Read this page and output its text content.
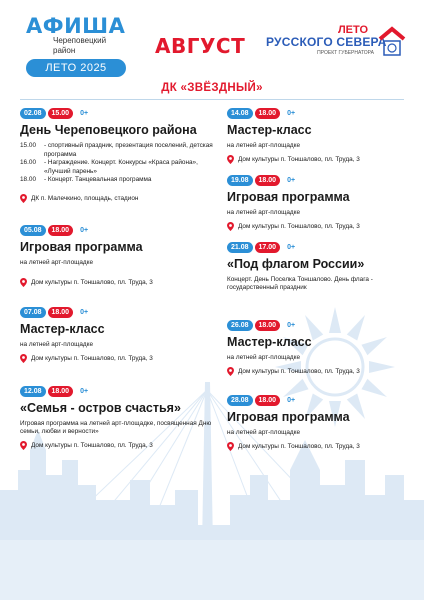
АФИША
Череповецкий район
ЛЕТО 2025
АВГУСТ
ЛЕТО
РУССКОГО СЕВЕРА
ПРОЕКТ ГУБЕРНАТОРА
ДК «ЗВЁЗДНЫЙ»
02.08	15.00	0+
День Череповецкого района
15.00	- спортивный праздник, презентация поселений, детская программа
16.00	- Награждение. Концерт. Конкурсы «Краса района», «Лучший парень»
18.00	- Концерт. Танцевальная программа
ДК п. Малечкино, площадь, стадион
05.08	18.00	0+
Игровая программа
на летней арт-площадке
Дом культуры п. Тоншалово, пл. Труда, 3
07.08	18.00	0+
Мастер-класс
на летней арт-площадке
Дом культуры п. Тоншалово, пл. Труда, 3
12.08	18.00	0+
«Семья - остров счастья»
Игровая программа на летней арт-площадке, посвященная Дню семьи, любви и верности»
Дом культуры п. Тоншалово, пл. Труда, 3
14.08	18.00	0+
Мастер-класс
на летней арт-площадке
Дом культуры п. Тоншалово, пл. Труда, 3
19.08	18.00	0+
Игровая программа
на летней арт-площадке
Дом культуры п. Тоншалово, пл. Труда, 3
21.08	17.00	0+
«Под флагом России»
Концерт. День Поселка Тоншалово. День флага - государственный праздник
26.08	18.00	0+
Мастер-класс
на летней арт-площадке
Дом культуры п. Тоншалово, пл. Труда, 3
28.08	18.00	0+
Игровая программа
на летней арт-площадке
Дом культуры п. Тоншалово, пл. Труда, 3
